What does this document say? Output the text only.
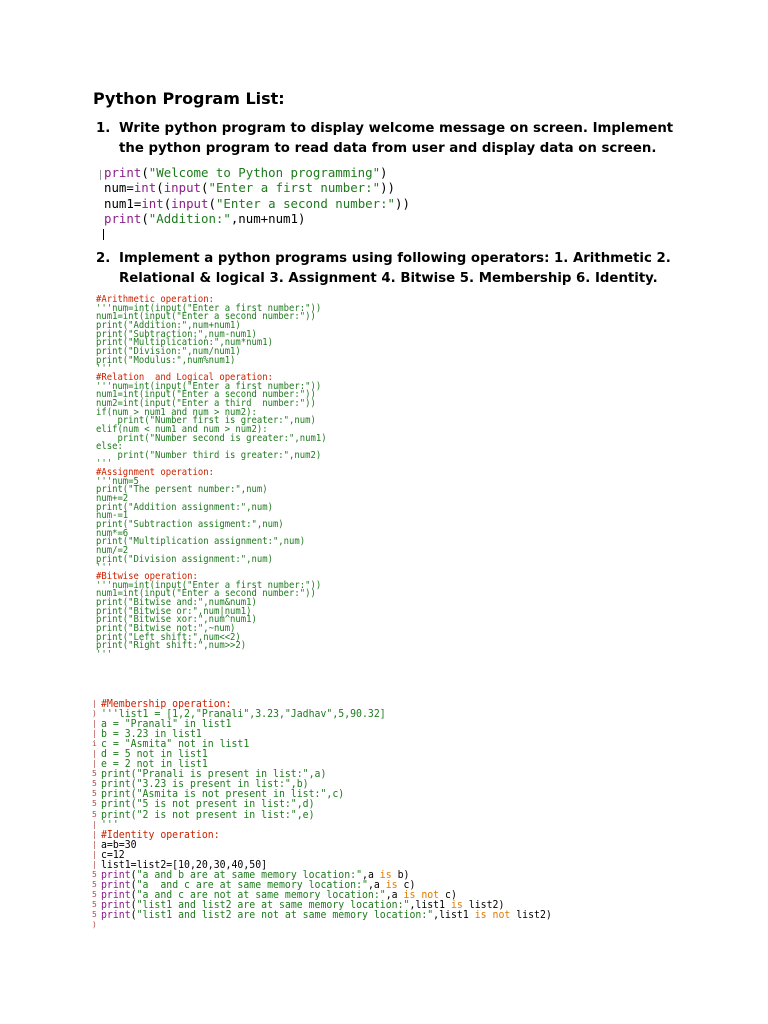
Python Program List:
1. Write python program to display welcome message on screen. Implement the python program to read data from user and display data on screen.
print("Welcome to Python programming")
num=int(input("Enter a first number:"))
num1=int(input("Enter a second number:"))
print("Addition:",num+num1)
2. Implement a python programs using following operators: 1. Arithmetic 2. Relational & logical 3. Assignment 4. Bitwise 5. Membership 6. Identity.
#Arithmetic operation:
'''num=int(input("Enter a first number:"))
num1=int(input("Enter a second number:"))
print("Addition:",num+num1)
print("Subtraction:",num-num1)
print("Multiplication:",num*num1)
print("Division:",num/num1)
print("Modulus:",num%num1)
'''
#Relation  and Logical operation:
'''num=int(input("Enter a first number:"))
num1=int(input("Enter a second number:"))
num2=int(input("Enter a third  number:"))
if(num > num1 and num > num2):
print("Number first is greater:",num)
elif(num < num1 and num > num2):
print("Number second is greater:",num1)
else:
print("Number third is greater:",num2)
'''
#Assignment operation:
'''num=5
print("The persent number:",num)
num+=2
print("Addition assignment:",num)
num-=1
print("Subtraction assigment:",num)
num*=6
print("Multiplication assignment:",num)
num/=2
print("Division assignment:",num)
'''
#Bitwise operation:
'''num=int(input("Enter a first number:"))
num1=int(input("Enter a second number:"))
print("Bitwise and:",num&num1)
print("Bitwise or:",num|num1)
print("Bitwise xor:",num^num1)
print("Bitwise not:",~num)
print("Left shift:",num<<2)
print("Right shift:",num>>2)
'''
|
)
|
|
i
|
|
5
5
5
5
5
|
|
|
|
|
5
5
5
5
5
)
#Membership operation:
'''list1 = [1,2,"Pranali",3.23,"Jadhav",5,90.32]
a = "Pranali" in list1
b = 3.23 in list1
c = "Asmita" not in list1
d = 5 not in list1
e = 2 not in list1
print("Pranali is present in list:",a)
print("3.23 is present in list:",b)
print("Asmita is not present in list:",c)
print("5 is not present in list:",d)
print("2 is not present in list:",e)
'''
#Identity operation:
a=b=30
c=12
list1=list2=[10,20,30,40,50]
print("a and b are at same memory location:",a is b)
print("a  and c are at same memory location:",a is c)
print("a and c are not at same memory location:",a is not c)
print("list1 and list2 are at same memory location:",list1 is list2)
print("list1 and list2 are not at same memory location:",list1 is not list2)
